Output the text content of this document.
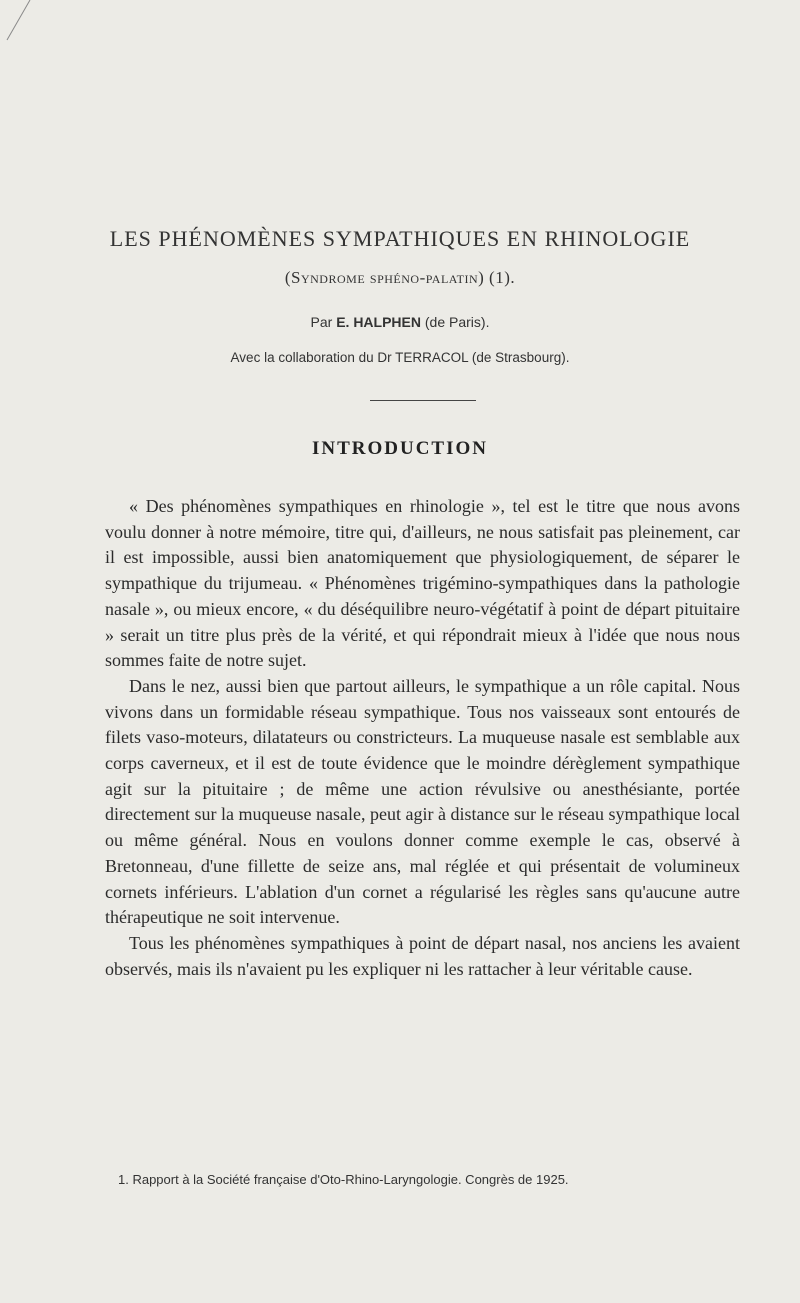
LES PHÉNOMÈNES SYMPATHIQUES EN RHINOLOGIE
(Syndrome sphéno-palatin) (1).
Par E. HALPHEN (de Paris).
Avec la collaboration du Dr TERRACOL (de Strasbourg).
INTRODUCTION

« Des phénomènes sympathiques en rhinologie », tel est le titre que nous avons voulu donner à notre mémoire, titre qui, d'ailleurs, ne nous satisfait pas pleinement, car il est impossible, aussi bien anatomiquement que physiologiquement, de séparer le sympathique du trijumeau. « Phénomènes trigémino-sympathiques dans la pathologie nasale », ou mieux encore, « du déséquilibre neuro-végétatif à point de départ pituitaire » serait un titre plus près de la vérité, et qui répondrait mieux à l'idée que nous nous sommes faite de notre sujet.

Dans le nez, aussi bien que partout ailleurs, le sympathique a un rôle capital. Nous vivons dans un formidable réseau sympathique. Tous nos vaisseaux sont entourés de filets vaso-moteurs, dilatateurs ou constricteurs. La muqueuse nasale est semblable aux corps caverneux, et il est de toute évidence que le moindre dérèglement sympathique agit sur la pituitaire ; de même une action révulsive ou anesthésiante, portée directement sur la muqueuse nasale, peut agir à distance sur le réseau sympathique local ou même général. Nous en voulons donner comme exemple le cas, observé à Bretonneau, d'une fillette de seize ans, mal réglée et qui présentait de volumineux cornets inférieurs. L'ablation d'un cornet a régularisé les règles sans qu'aucune autre thérapeutique ne soit intervenue.

Tous les phénomènes sympathiques à point de départ nasal, nos anciens les avaient observés, mais ils n'avaient pu les expliquer ni les rattacher à leur véritable cause.

1. Rapport à la Société française d'Oto-Rhino-Laryngologie. Congrès de 1925.
